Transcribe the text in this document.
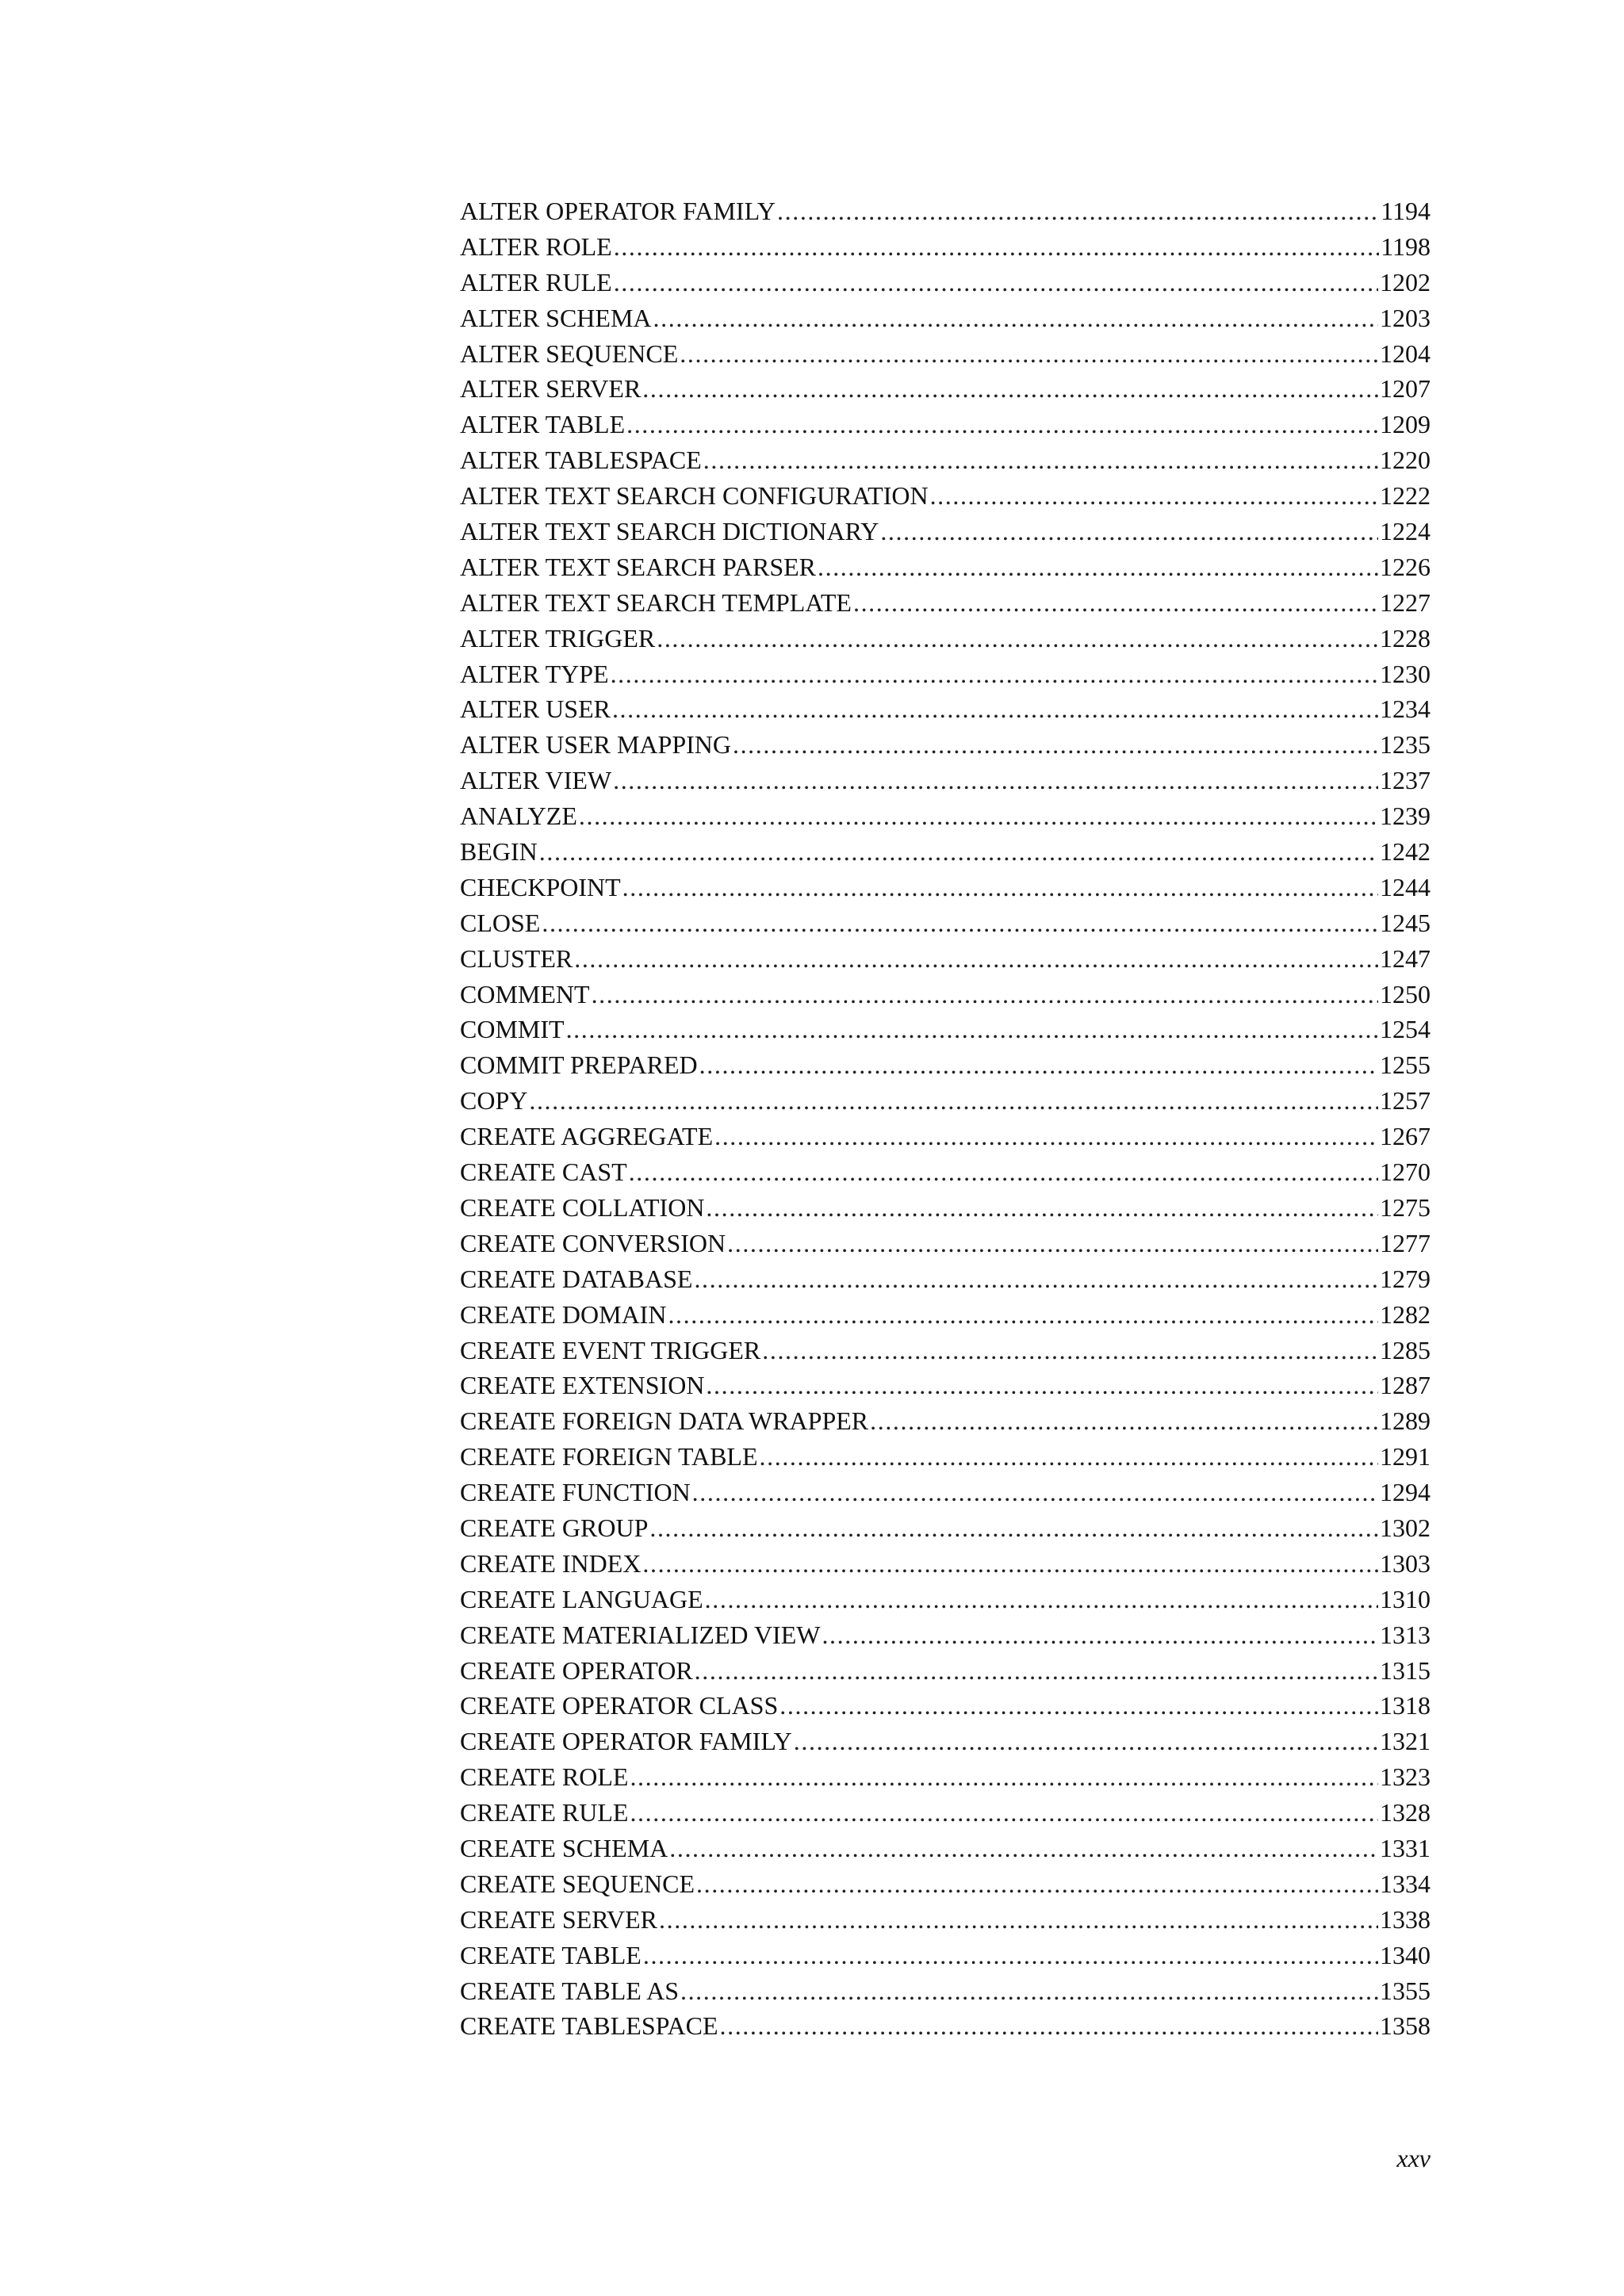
ALTER OPERATOR FAMILY .....	1194
ALTER ROLE .....	1198
ALTER RULE .....	1202
ALTER SCHEMA .....	1203
ALTER SEQUENCE .....	1204
ALTER SERVER .....	1207
ALTER TABLE .....	1209
ALTER TABLESPACE .....	1220
ALTER TEXT SEARCH CONFIGURATION .....	1222
ALTER TEXT SEARCH DICTIONARY .....	1224
ALTER TEXT SEARCH PARSER .....	1226
ALTER TEXT SEARCH TEMPLATE .....	1227
ALTER TRIGGER .....	1228
ALTER TYPE .....	1230
ALTER USER .....	1234
ALTER USER MAPPING .....	1235
ALTER VIEW .....	1237
ANALYZE .....	1239
BEGIN .....	1242
CHECKPOINT .....	1244
CLOSE .....	1245
CLUSTER .....	1247
COMMENT .....	1250
COMMIT .....	1254
COMMIT PREPARED .....	1255
COPY .....	1257
CREATE AGGREGATE .....	1267
CREATE CAST .....	1270
CREATE COLLATION .....	1275
CREATE CONVERSION .....	1277
CREATE DATABASE .....	1279
CREATE DOMAIN .....	1282
CREATE EVENT TRIGGER .....	1285
CREATE EXTENSION .....	1287
CREATE FOREIGN DATA WRAPPER .....	1289
CREATE FOREIGN TABLE .....	1291
CREATE FUNCTION .....	1294
CREATE GROUP .....	1302
CREATE INDEX .....	1303
CREATE LANGUAGE .....	1310
CREATE MATERIALIZED VIEW .....	1313
CREATE OPERATOR .....	1315
CREATE OPERATOR CLASS .....	1318
CREATE OPERATOR FAMILY .....	1321
CREATE ROLE .....	1323
CREATE RULE .....	1328
CREATE SCHEMA .....	1331
CREATE SEQUENCE .....	1334
CREATE SERVER .....	1338
CREATE TABLE .....	1340
CREATE TABLE AS .....	1355
CREATE TABLESPACE .....	1358
xxv
